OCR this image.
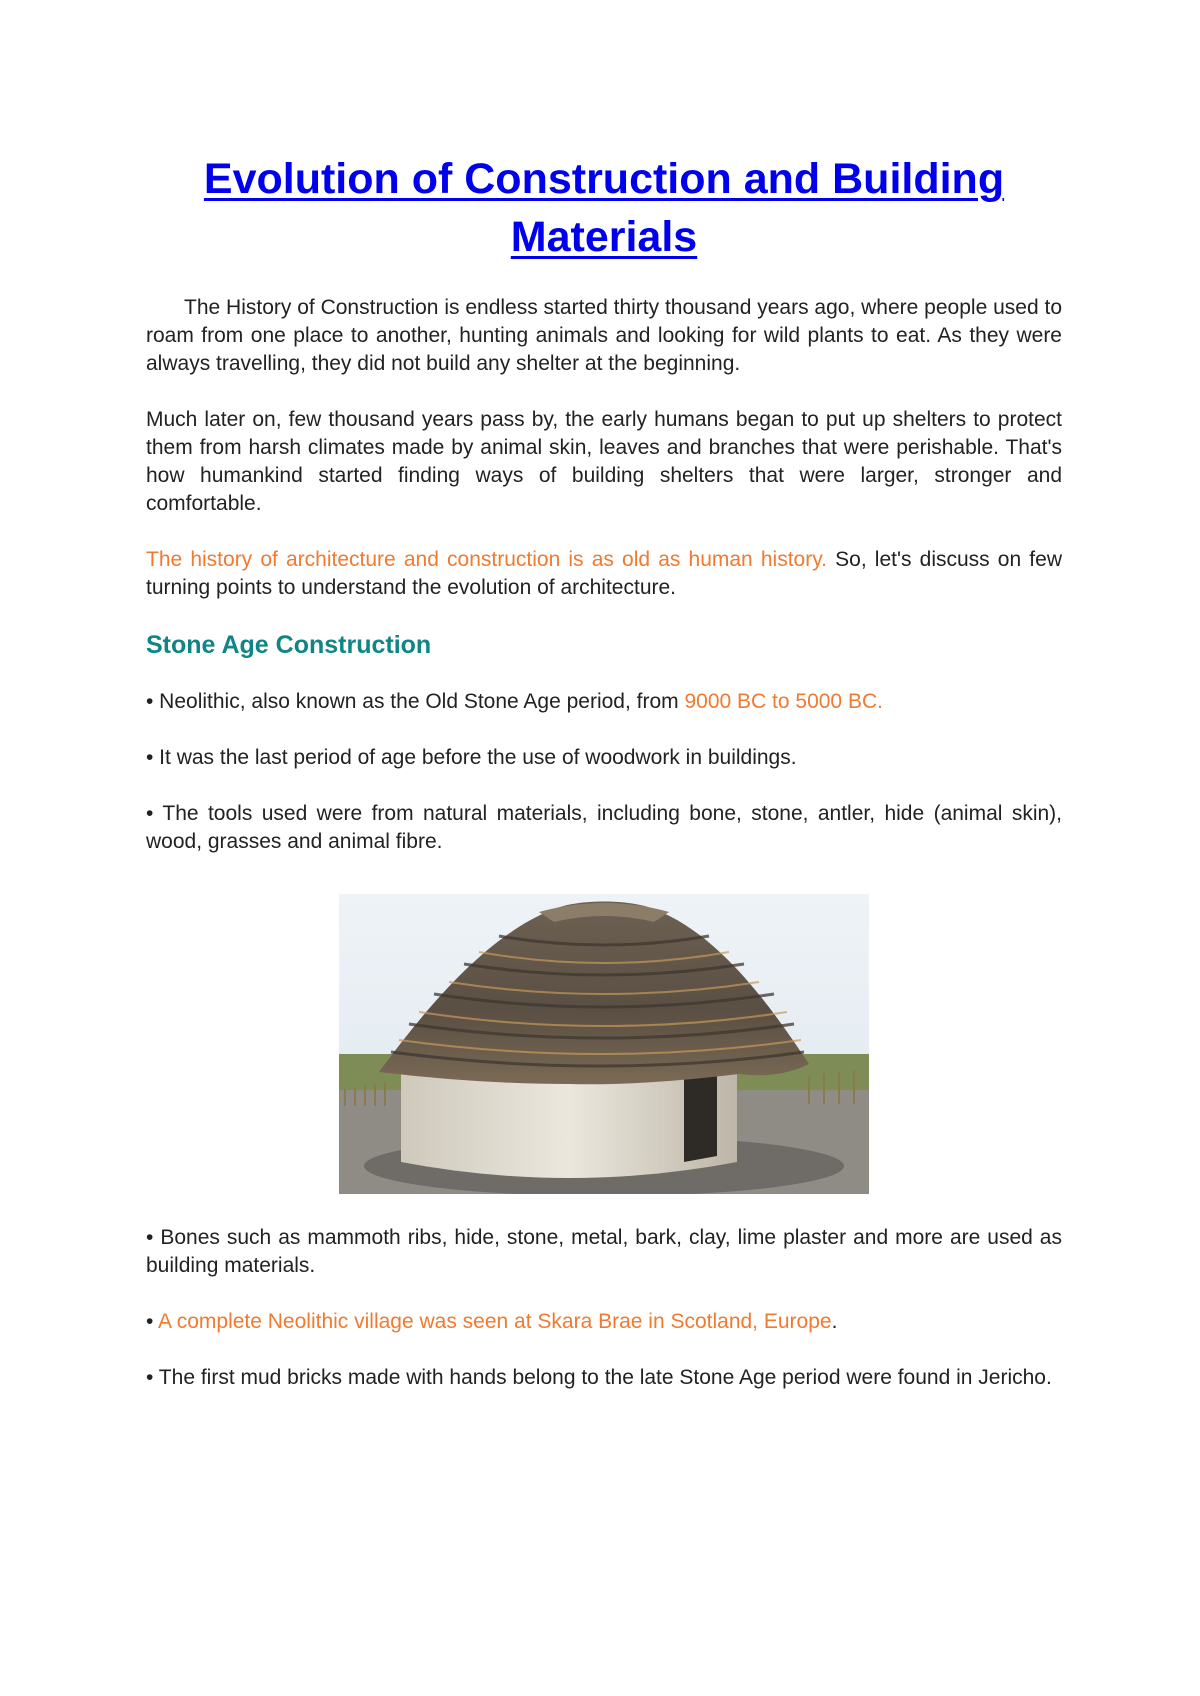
Evolution of Construction and Building Materials

The History of Construction is endless started thirty thousand years ago, where people used to roam from one place to another, hunting animals and looking for wild plants to eat. As they were always travelling, they did not build any shelter at the beginning.

Much later on, few thousand years pass by, the early humans began to put up shelters to protect them from harsh climates made by animal skin, leaves and branches that were perishable. That's how humankind started finding ways of building shelters that were larger, stronger and comfortable.

The history of architecture and construction is as old as human history. So, let's discuss on few turning points to understand the evolution of architecture.

Stone Age Construction

• Neolithic, also known as the Old Stone Age period, from 9000 BC to 5000 BC.

• It was the last period of age before the use of woodwork in buildings.

• The tools used were from natural materials, including bone, stone, antler, hide (animal skin), wood, grasses and animal fibre.

• Bones such as mammoth ribs, hide, stone, metal, bark, clay, lime plaster and more are used as building materials.

• A complete Neolithic village was seen at Skara Brae in Scotland, Europe.

• The first mud bricks made with hands belong to the late Stone Age period were found in Jericho.
